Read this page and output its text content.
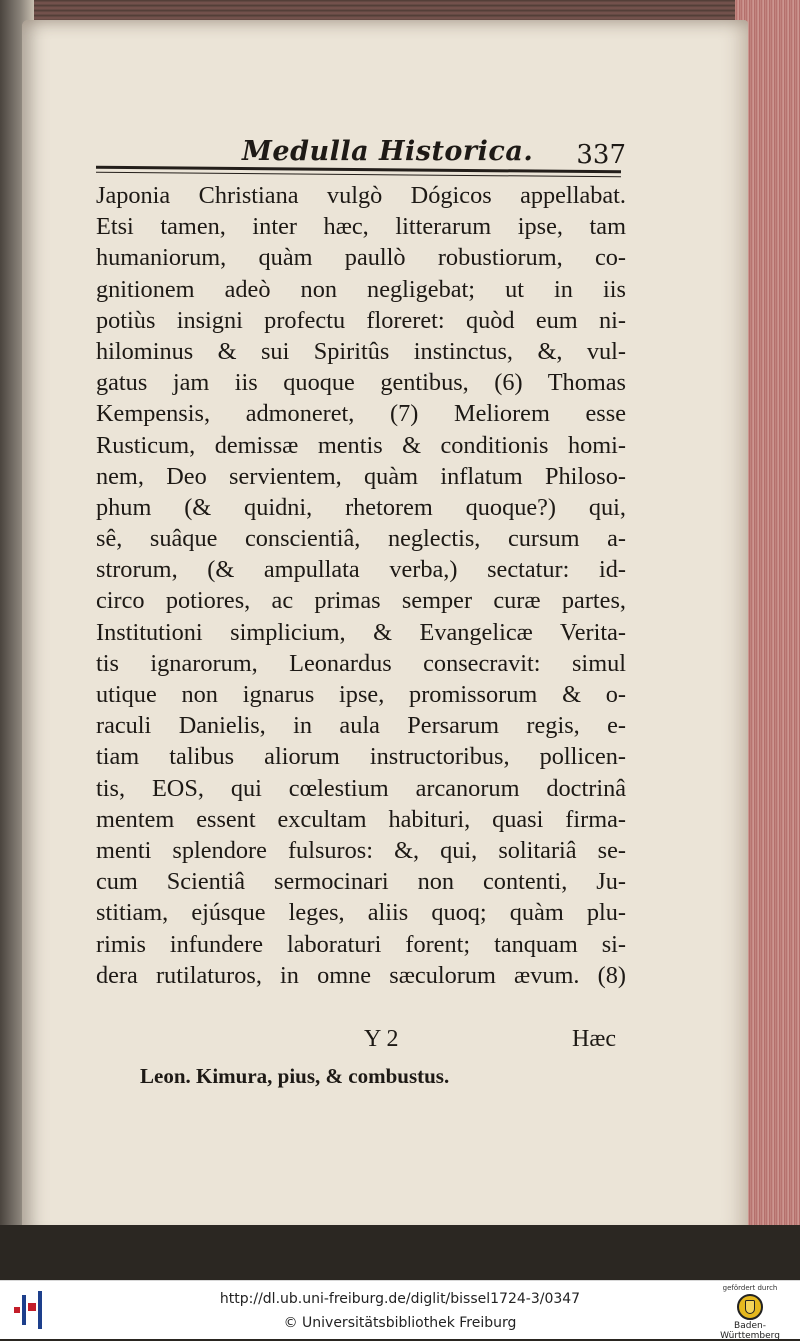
Medulla Historica. 337
Japonia Christiana vulgò Dógicos appellabat.
Etsi tamen, inter hæc, litterarum ipse, tam
humaniorum, quàm paullò robustiorum, co-
gnitionem adeò non negligebat; ut in iis
potiùs insigni profectu floreret: quòd eum ni-
hilominus & sui Spiritûs instinctus, &, vul-
gatus jam iis quoque gentibus, (6) Thomas
Kempensis, admoneret, (7) Meliorem esse
Rusticum, demissæ mentis & conditionis homi-
nem, Deo servientem, quàm inflatum Philoso-
phum (& quidni, rhetorem quoque?) qui,
sê, suâque conscientiâ, neglectis, cursum a-
strorum, (& ampullata verba,) sectatur: id-
circo potiores, ac primas semper curæ partes,
Institutioni simplicium, & Evangelicæ Verita-
tis ignarorum, Leonardus consecravit: simul
utique non ignarus ipse, promissorum & o-
raculi Danielis, in aula Persarum regis, e-
tiam talibus aliorum instructoribus, pollicen-
tis, EOS, qui cœlestium arcanorum doctrinâ
mentem essent excultam habituri, quasi firma-
menti splendore fulsuros: &, qui, solitariâ se-
cum Scientiâ sermocinari non contenti, Ju-
stitiam, ejúsque leges, aliis quoq; quàm plu-
rimis infundere laboraturi forent; tanquam si-
dera rutilaturos, in omne sæculorum ævum. (8)
Y 2	Hæc
Leon. Kimura, pius, & combustus.
http://dl.ub.uni-freiburg.de/diglit/bissel1724-3/0347
© Universitätsbibliothek Freiburg
gefördert durch
Baden-Württemberg
